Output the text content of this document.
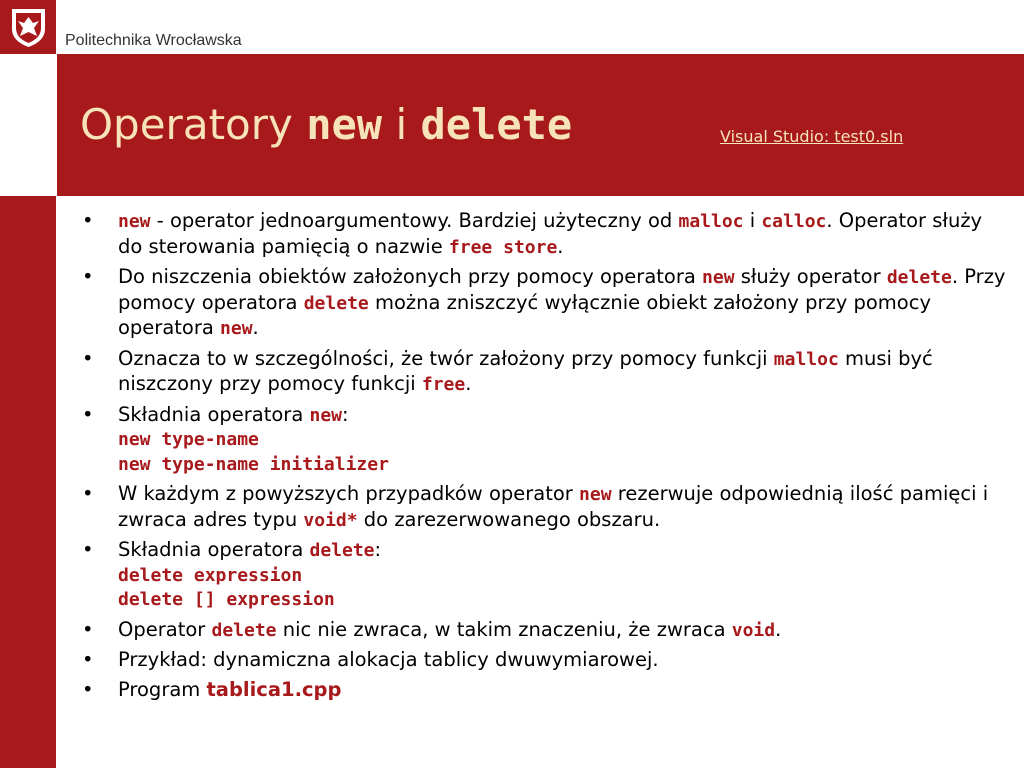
Politechnika Wrocławska
Operatory new i delete	Visual Studio: test0.sln
• new - operator jednoargumentowy. Bardziej użyteczny od malloc i calloc. Operator służy do sterowania pamięcią o nazwie free store.
• Do niszczenia obiektów założonych przy pomocy operatora new służy operator delete. Przy pomocy operatora delete można zniszczyć wyłącznie obiekt założony przy pomocy operatora new.
• Oznacza to w szczególności, że twór założony przy pomocy funkcji malloc musi być niszczony przy pomocy funkcji free.
• Składnia operatora new:
new type-name
new type-name initializer
• W każdym z powyższych przypadków operator new rezerwuje odpowiednią ilość pamięci i zwraca adres typu void* do zarezerwowanego obszaru.
• Składnia operatora delete:
delete expression
delete [] expression
• Operator delete nic nie zwraca, w takim znaczeniu, że zwraca void.
• Przykład: dynamiczna alokacja tablicy dwuwymiarowej.
• Program tablica1.cpp
